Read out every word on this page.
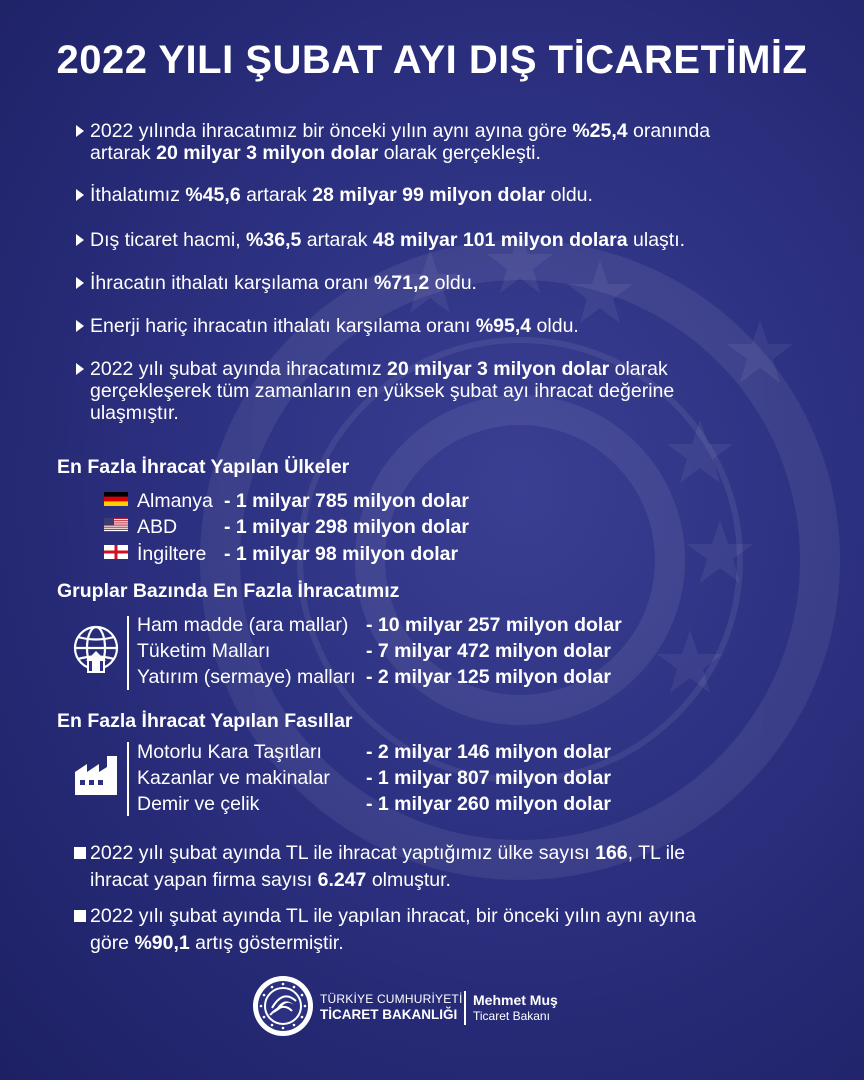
2022 YILI ŞUBAT AYI DIŞ TİCARETİMİZ
2022 yılında ihracatımız bir önceki yılın aynı ayına göre %25,4 oranında artarak 20 milyar 3 milyon dolar olarak gerçekleşti.
İthalatımız %45,6 artarak 28 milyar 99 milyon dolar oldu.
Dış ticaret hacmi, %36,5 artarak 48 milyar 101 milyon dolara ulaştı.
İhracatın ithalatı karşılama oranı %71,2 oldu.
Enerji hariç ihracatın ithalatı karşılama oranı %95,4 oldu.
2022 yılı şubat ayında ihracatımız 20 milyar 3 milyon dolar olarak gerçekleşerek tüm zamanların en yüksek şubat ayı ihracat değerine ulaşmıştır.
En Fazla İhracat Yapılan Ülkeler
Almanya - 1 milyar 785 milyon dolar
ABD - 1 milyar 298 milyon dolar
İngiltere - 1 milyar 98 milyon dolar
Gruplar Bazında En Fazla İhracatımız
Ham madde (ara mallar) - 10 milyar 257 milyon dolar
Tüketim Malları	- 7 milyar 472 milyon dolar
Yatırım (sermaye) malları - 2 milyar 125 milyon dolar
En Fazla İhracat Yapılan Fasıllar
Motorlu Kara Taşıtları - 2 milyar 146 milyon dolar
Kazanlar ve makinalar - 1 milyar 807 milyon dolar
Demir ve çelik	- 1 milyar 260 milyon dolar
2022 yılı şubat ayında TL ile ihracat yaptığımız ülke sayısı 166, TL ile ihracat yapan firma sayısı 6.247 olmuştur.
2022 yılı şubat ayında TL ile yapılan ihracat, bir önceki yılın aynı ayına göre %90,1 artış göstermiştir.
TÜRKİYE CUMHURİYETİ
TİCARET BAKANLIĞI
Mehmet Muş
Ticaret Bakanı
